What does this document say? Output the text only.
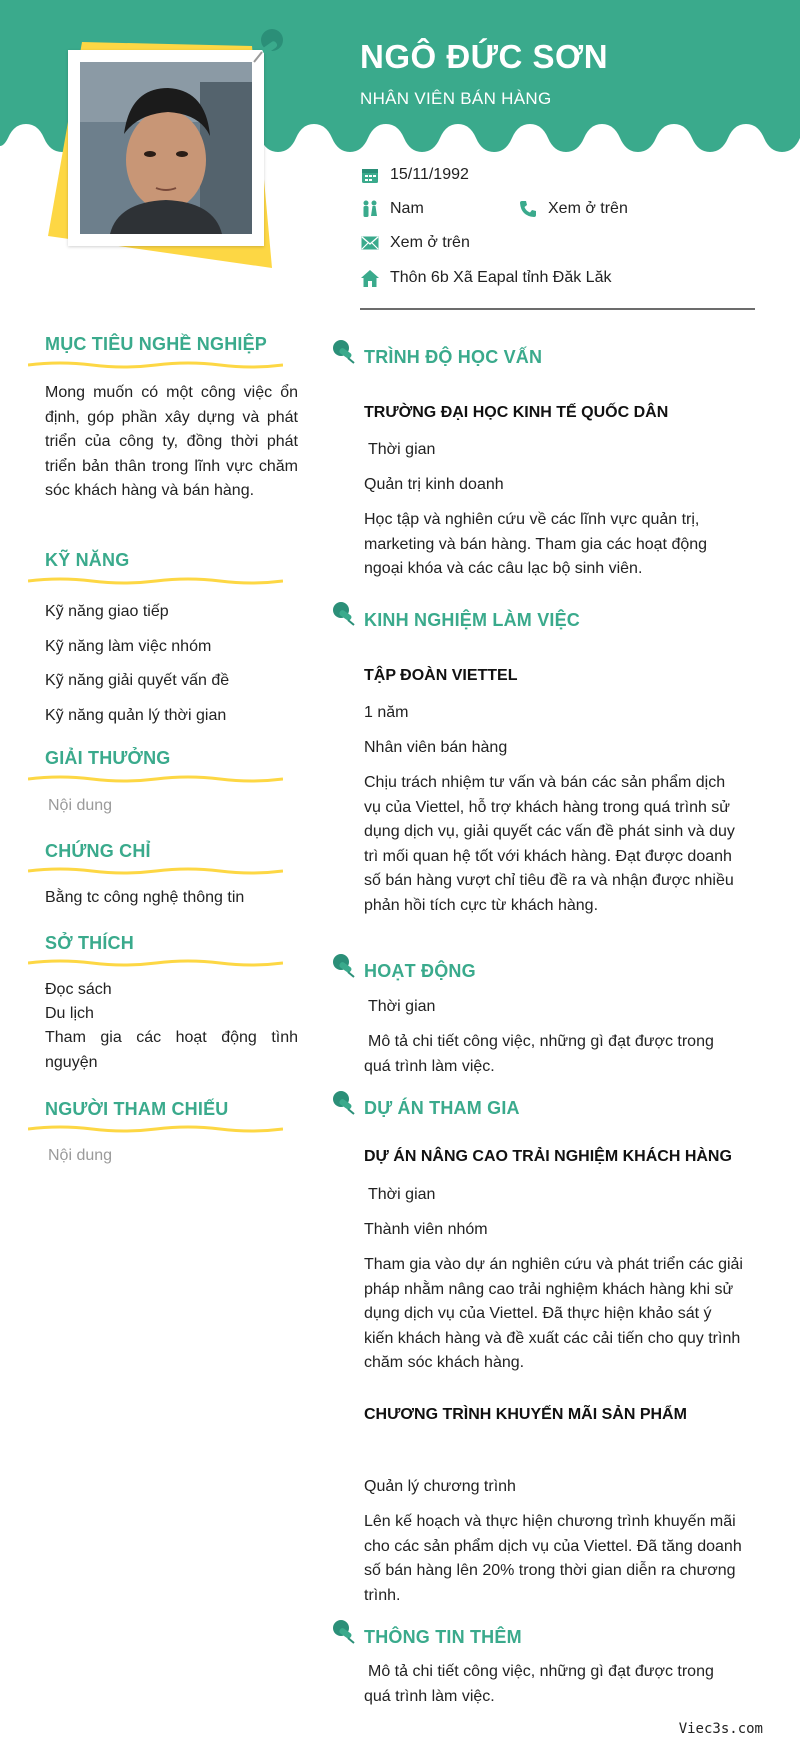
NGÔ ĐỨC SƠN
NHÂN VIÊN BÁN HÀNG
15/11/1992
Nam	Xem ở trên
Xem ở trên
Thôn 6b Xã Eapal tỉnh Đăk Lăk
MỤC TIÊU NGHỀ NGHIỆP
Mong muốn có một công việc ổn định, góp phần xây dựng và phát triển của công ty, đồng thời phát triển bản thân trong lĩnh vực chăm sóc khách hàng và bán hàng.
KỸ NĂNG
Kỹ năng giao tiếp
Kỹ năng làm việc nhóm
Kỹ năng giải quyết vấn đề
Kỹ năng quản lý thời gian
GIẢI THƯỞNG
Nội dung
CHỨNG CHỈ
Bằng tc công nghệ thông tin
SỞ THÍCH
Đọc sách
Du lịch
Tham gia các hoạt động tình nguyện
NGƯỜI THAM CHIẾU
Nội dung
TRÌNH ĐỘ HỌC VẤN
TRƯỜNG ĐẠI HỌC KINH TẾ QUỐC DÂN
Thời gian
Quản trị kinh doanh
Học tập và nghiên cứu về các lĩnh vực quản trị, marketing và bán hàng. Tham gia các hoạt động ngoại khóa và các câu lạc bộ sinh viên.
KINH NGHIỆM LÀM VIỆC
TẬP ĐOÀN VIETTEL
1 năm
Nhân viên bán hàng
Chịu trách nhiệm tư vấn và bán các sản phẩm dịch vụ của Viettel, hỗ trợ khách hàng trong quá trình sử dụng dịch vụ, giải quyết các vấn đề phát sinh và duy trì mối quan hệ tốt với khách hàng. Đạt được doanh số bán hàng vượt chỉ tiêu đề ra và nhận được nhiều phản hồi tích cực từ khách hàng.
HOẠT ĐỘNG
Thời gian
Mô tả chi tiết công việc, những gì đạt được trong quá trình làm việc.
DỰ ÁN THAM GIA
DỰ ÁN NÂNG CAO TRẢI NGHIỆM KHÁCH HÀNG
Thời gian
Thành viên nhóm
Tham gia vào dự án nghiên cứu và phát triển các giải pháp nhằm nâng cao trải nghiệm khách hàng khi sử dụng dịch vụ của Viettel. Đã thực hiện khảo sát ý kiến khách hàng và đề xuất các cải tiến cho quy trình chăm sóc khách hàng.
CHƯƠNG TRÌNH KHUYẾN MÃI SẢN PHẨM
Quản lý chương trình
Lên kế hoạch và thực hiện chương trình khuyến mãi cho các sản phẩm dịch vụ của Viettel. Đã tăng doanh số bán hàng lên 20% trong thời gian diễn ra chương trình.
THÔNG TIN THÊM
Mô tả chi tiết công việc, những gì đạt được trong quá trình làm việc.
Viec3s.com
